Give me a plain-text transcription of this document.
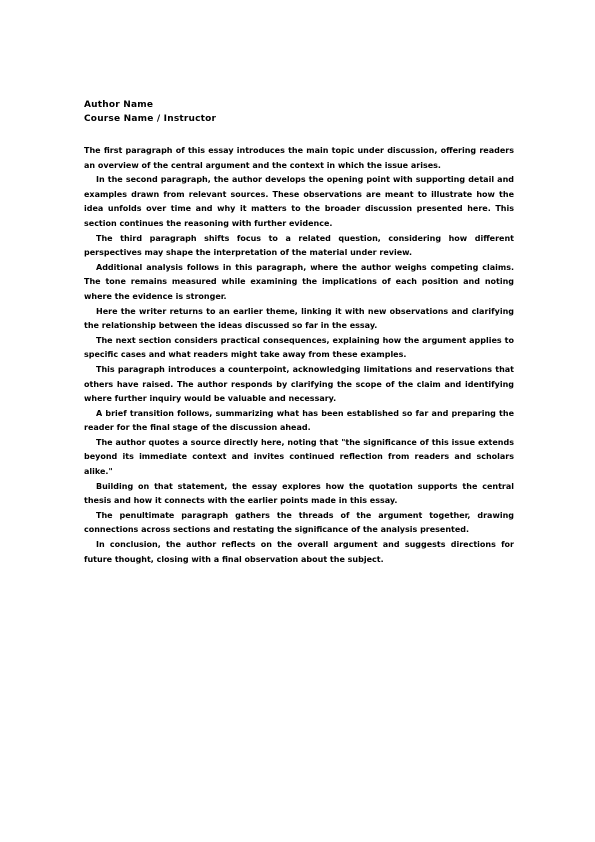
Author Name
Course Name / Instructor

The first paragraph of this essay introduces the main topic under discussion, offering readers an overview of the central argument and the context in which the issue arises.

In the second paragraph, the author develops the opening point with supporting detail and examples drawn from relevant sources. These observations are meant to illustrate how the idea unfolds over time and why it matters to the broader discussion presented here. This section continues the reasoning with further evidence.

The third paragraph shifts focus to a related question, considering how different perspectives may shape the interpretation of the material under review.

Additional analysis follows in this paragraph, where the author weighs competing claims. The tone remains measured while examining the implications of each position and noting where the evidence is stronger.

Here the writer returns to an earlier theme, linking it with new observations and clarifying the relationship between the ideas discussed so far in the essay.

The next section considers practical consequences, explaining how the argument applies to specific cases and what readers might take away from these examples.

This paragraph introduces a counterpoint, acknowledging limitations and reservations that others have raised. The author responds by clarifying the scope of the claim and identifying where further inquiry would be valuable and necessary.

A brief transition follows, summarizing what has been established so far and preparing the reader for the final stage of the discussion ahead.

The author quotes a source directly here, noting that "the significance of this issue extends beyond its immediate context and invites continued reflection from readers and scholars alike."

Building on that statement, the essay explores how the quotation supports the central thesis and how it connects with the earlier points made in this essay.

The penultimate paragraph gathers the threads of the argument together, drawing connections across sections and restating the significance of the analysis presented.

In conclusion, the author reflects on the overall argument and suggests directions for future thought, closing with a final observation about the subject.
